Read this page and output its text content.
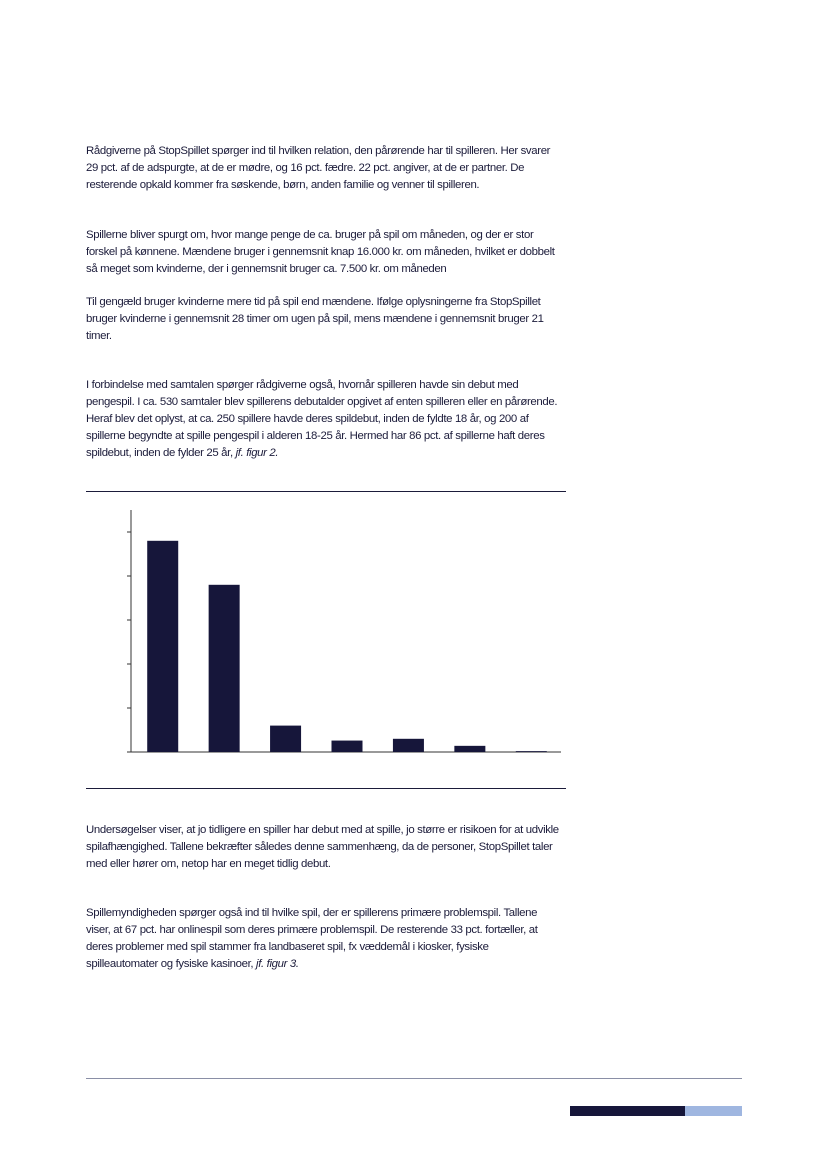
Rådgiverne på StopSpillet spørger ind til hvilken relation, den pårørende har til spilleren. Her svarer 29 pct. af de adspurgte, at de er mødre, og 16 pct. fædre. 22 pct. angiver, at de er partner. De resterende opkald kommer fra søskende, børn, anden familie og venner til spilleren.

Spillerne bliver spurgt om, hvor mange penge de ca. bruger på spil om måneden, og der er stor forskel på kønnene. Mændene bruger i gennemsnit knap 16.000 kr. om måneden, hvilket er dobbelt så meget som kvinderne, der i gennemsnit bruger ca. 7.500 kr. om måneden

Til gengæld bruger kvinderne mere tid på spil end mændene. Ifølge oplysningerne fra StopSpillet bruger kvinderne i gennemsnit 28 timer om ugen på spil, mens mændene i gennemsnit bruger 21 timer.

I forbindelse med samtalen spørger rådgiverne også, hvornår spilleren havde sin debut med pengespil. I ca. 530 samtaler blev spillerens debutalder opgivet af enten spilleren eller en pårørende. Heraf blev det oplyst, at ca. 250 spillere havde deres spildebut, inden de fyldte 18 år, og 200 af spillerne begyndte at spille pengespil i alderen 18-25 år. Hermed har 86 pct. af spillerne haft deres spildebut, inden de fylder 25 år, jf. figur 2.

Undersøgelser viser, at jo tidligere en spiller har debut med at spille, jo større er risikoen for at udvikle spilafhængighed. Tallene bekræfter således denne sammenhæng, da de personer, StopSpillet taler med eller hører om, netop har en meget tidlig debut.

Spillemyndigheden spørger også ind til hvilke spil, der er spillerens primære problemspil. Tallene viser, at 67 pct. har onlinespil som deres primære problemspil. De resterende 33 pct. fortæller, at deres problemer med spil stammer fra landbaseret spil, fx væddemål i kiosker, fysiske spilleautomater og fysiske kasinoer, jf. figur 3.
